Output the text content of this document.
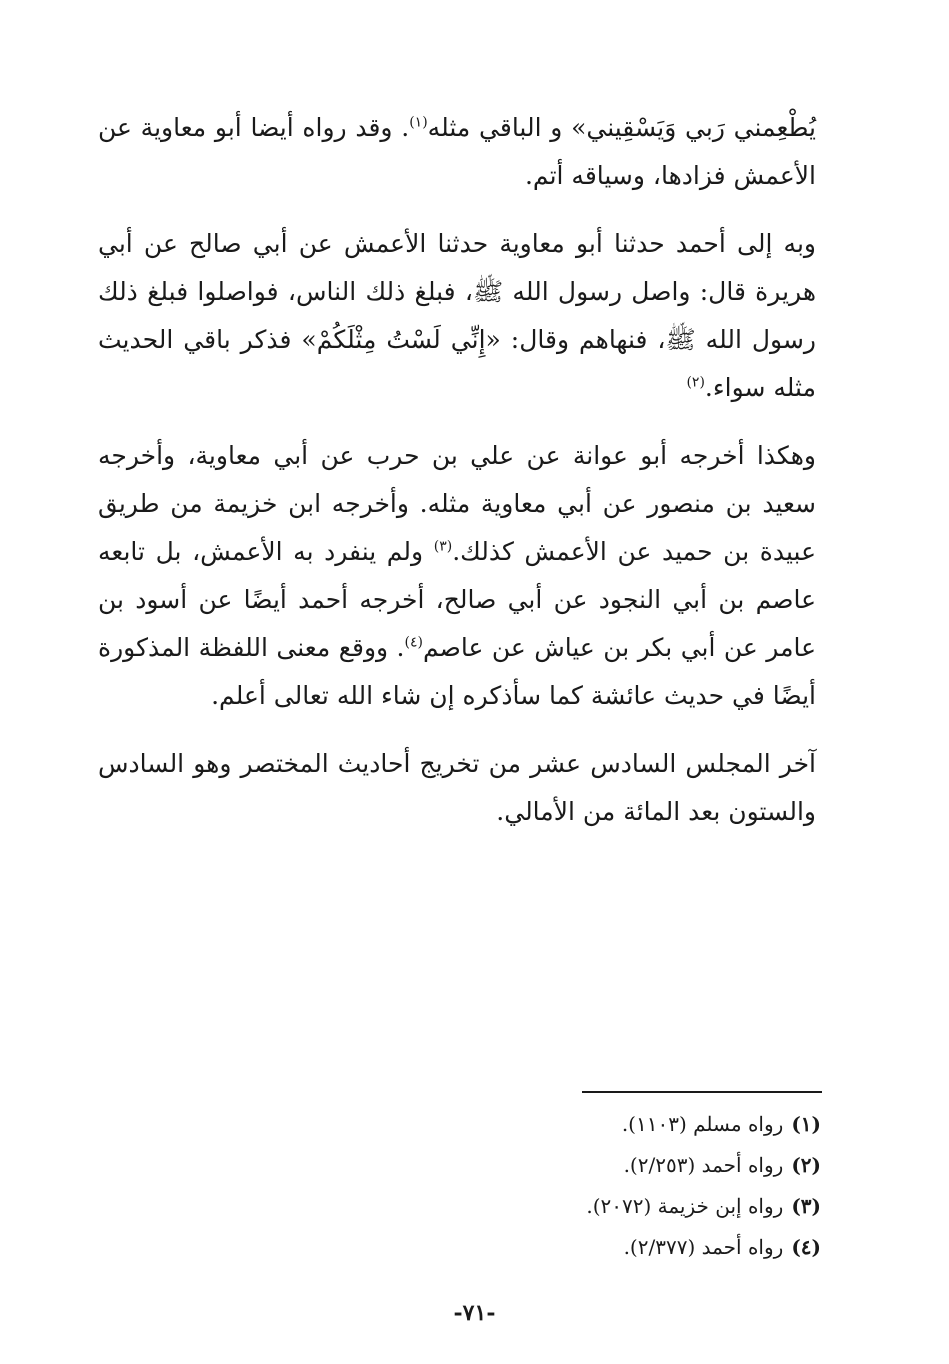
يُطْعِمني رَبي وَيَسْقِيني» و الباقي مثله$^{(١)}$. وقد رواه أيضا أبو معاوية عن الأعمش فزادها، وسياقه أتم.

وبه إلى أحمد حدثنا أبو معاوية حدثنا الأعمش عن أبي صالح عن أبي هريرة قال: واصل رسول الله ﷺ، فبلغ ذلك الناس، فواصلوا فبلغ ذلك رسول الله ﷺ، فنهاهم وقال: «إِنِّي لَسْتُ مِثْلَكُمْ» فذكر باقي الحديث مثله سواء.$^{(٢)}$

وهكذا أخرجه أبو عوانة عن علي بن حرب عن أبي معاوية، وأخرجه سعيد بن منصور عن أبي معاوية مثله. وأخرجه ابن خزيمة من طريق عبيدة بن حميد عن الأعمش كذلك.$^{(٣)}$ ولم ينفرد به الأعمش، بل تابعه عاصم بن أبي النجود عن أبي صالح، أخرجه أحمد أيضًا عن أسود بن عامر عن أبي بكر بن عياش عن عاصم$^{(٤)}$. ووقع معنى اللفظة المذكورة أيضًا في حديث عائشة كما سأذكره إن شاء الله تعالى أعلم.

آخر المجلس السادس عشر من تخريج أحاديث المختصر وهو السادس والستون بعد المائة من الأمالي.

(١)رواه مسلم (١١٠٣).
(٢)رواه أحمد (٢/٢٥٣).
(٣)رواه إبن خزيمة (٢٠٧٢).
(٤)رواه أحمد (٢/٣٧٧).
-٧١-
